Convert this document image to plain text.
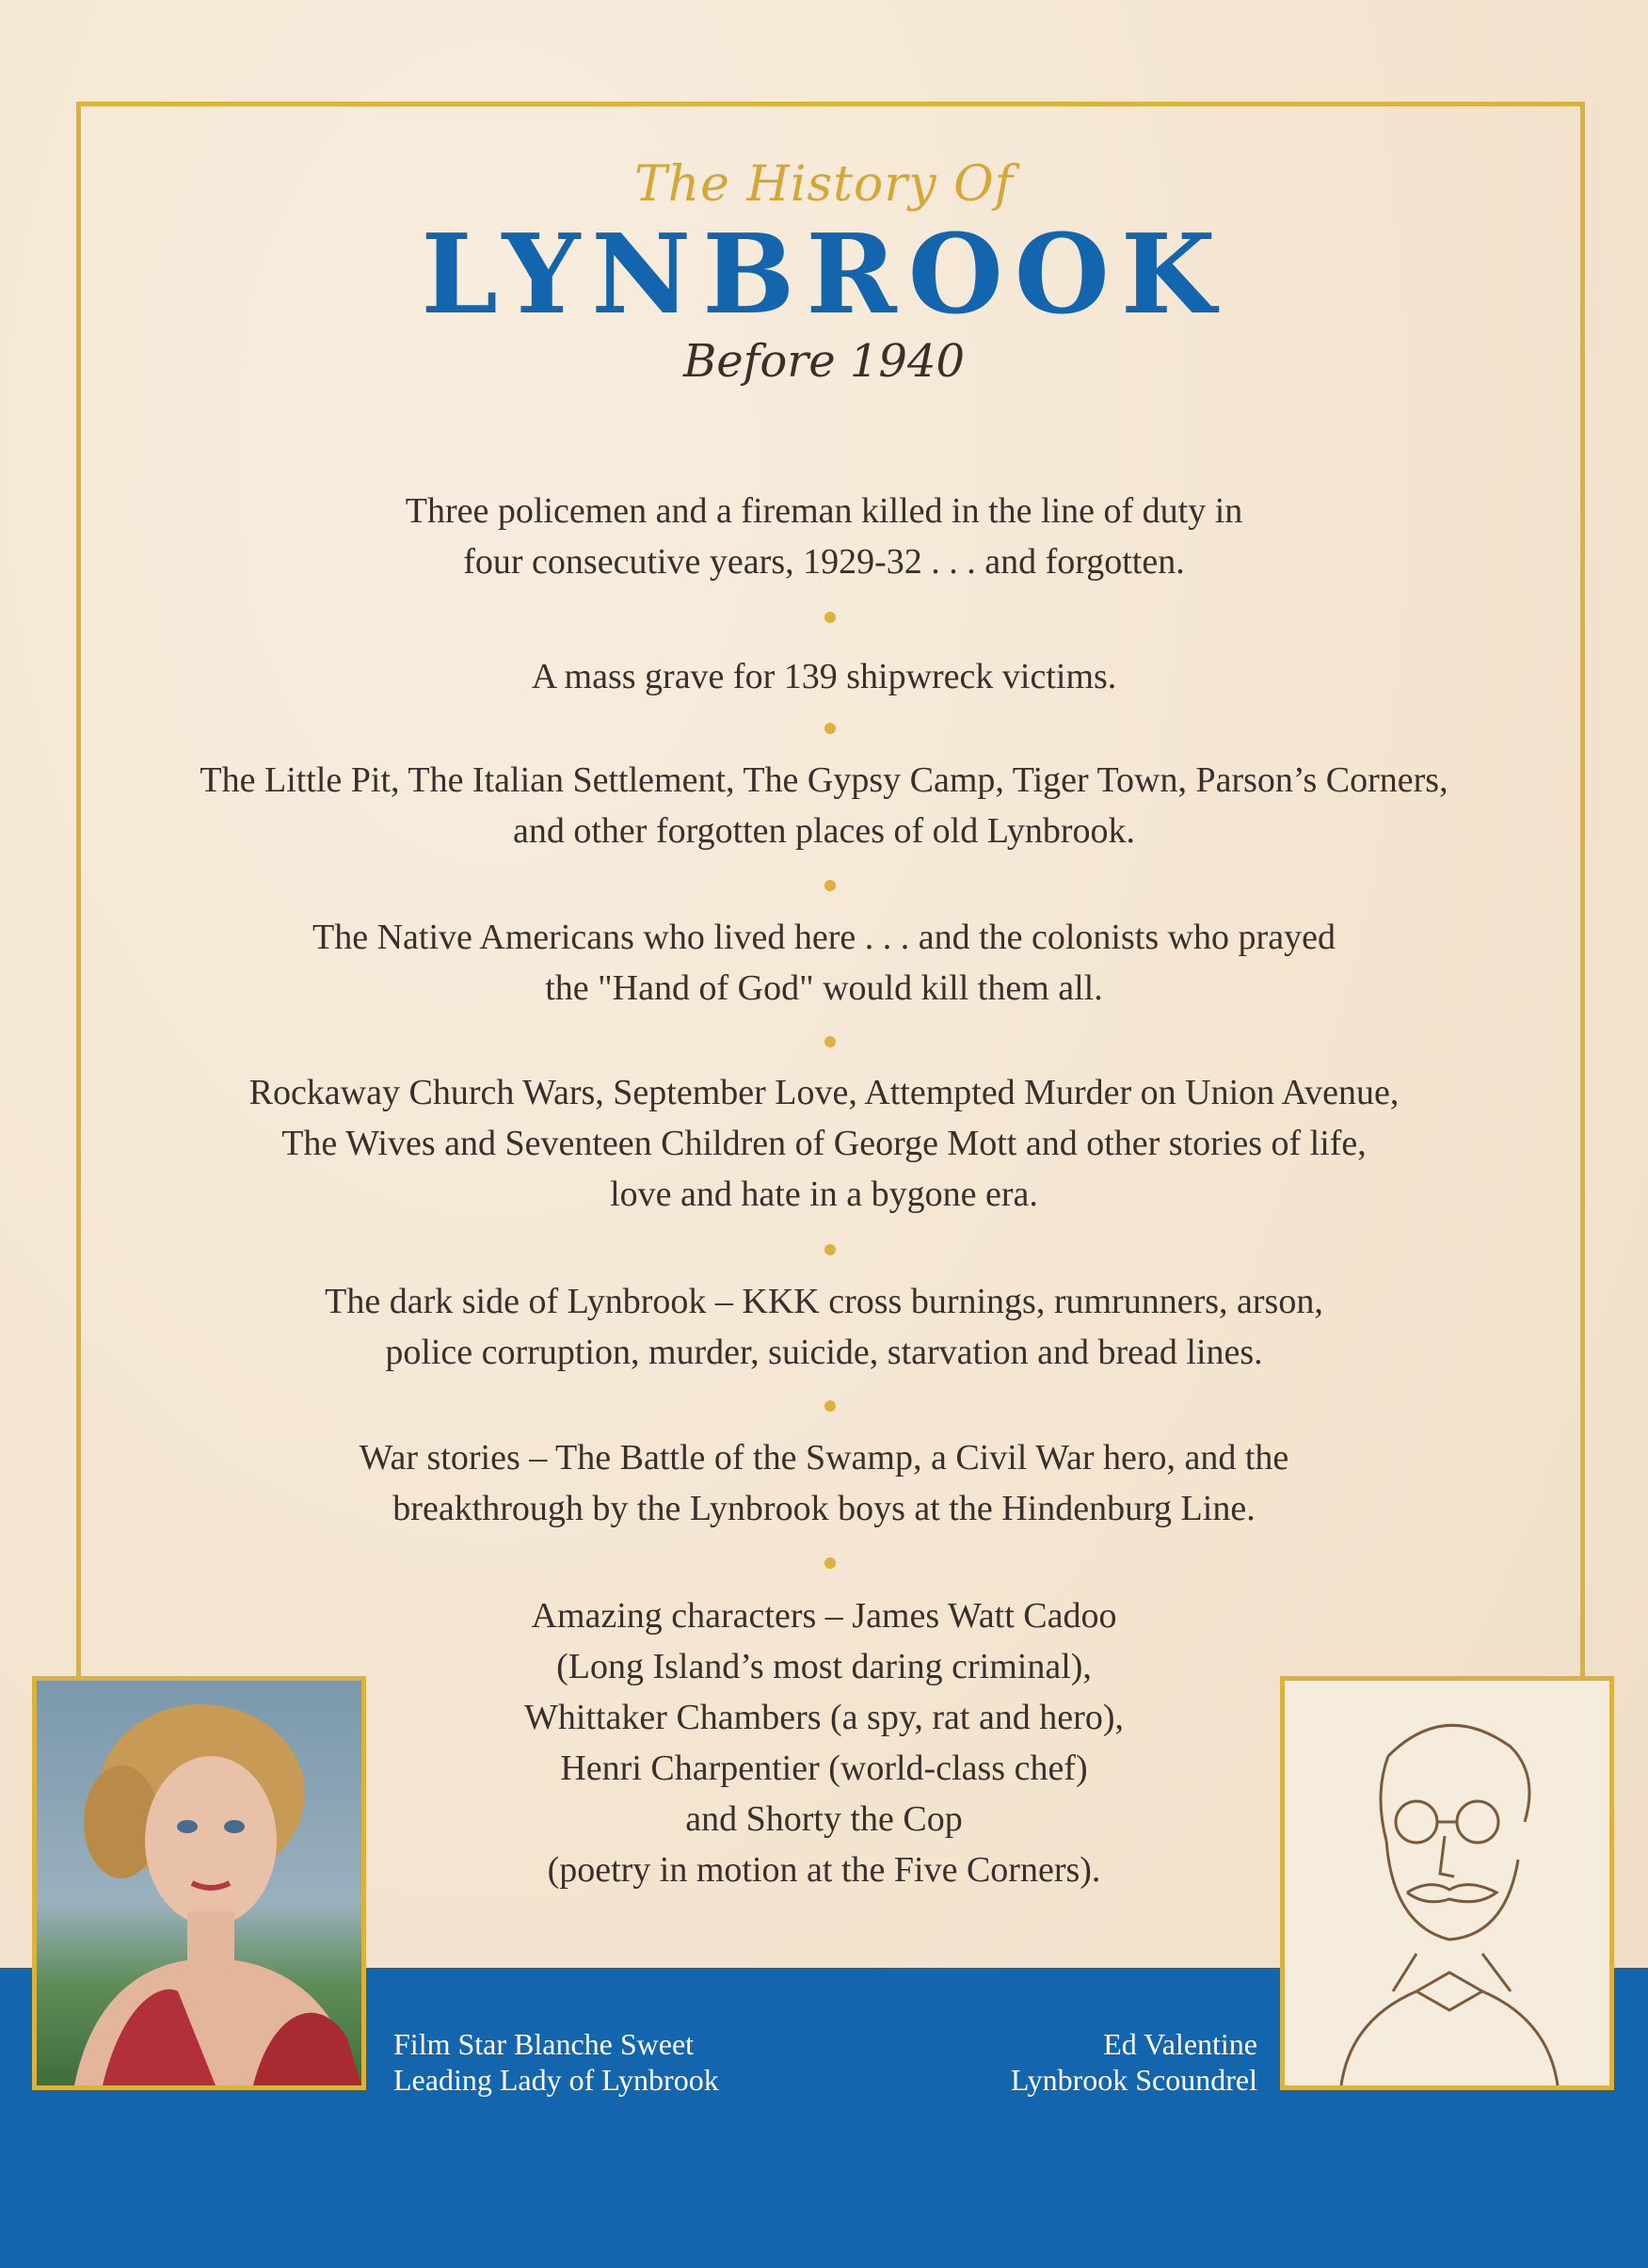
The History Of
LYNBROOK
Before 1940
Three policemen and a fireman killed in the line of duty in
four consecutive years, 1929-32 . . . and forgotten.
A mass grave for 139 shipwreck victims.
The Little Pit, The Italian Settlement, The Gypsy Camp, Tiger Town, Parson’s Corners,
and other forgotten places of old Lynbrook.
The Native Americans who lived here . . . and the colonists who prayed
the "Hand of God" would kill them all.
Rockaway Church Wars, September Love, Attempted Murder on Union Avenue,
The Wives and Seventeen Children of George Mott and other stories of life,
love and hate in a bygone era.
The dark side of Lynbrook – KKK cross burnings, rumrunners, arson,
police corruption, murder, suicide, starvation and bread lines.
War stories – The Battle of the Swamp, a Civil War hero, and the
breakthrough by the Lynbrook boys at the Hindenburg Line.
Amazing characters – James Watt Cadoo
(Long Island’s most daring criminal),
Whittaker Chambers (a spy, rat and hero),
Henri Charpentier (world-class chef)
and Shorty the Cop
(poetry in motion at the Five Corners).
Film Star Blanche Sweet
Leading Lady of Lynbrook
Ed Valentine
Lynbrook Scoundrel
